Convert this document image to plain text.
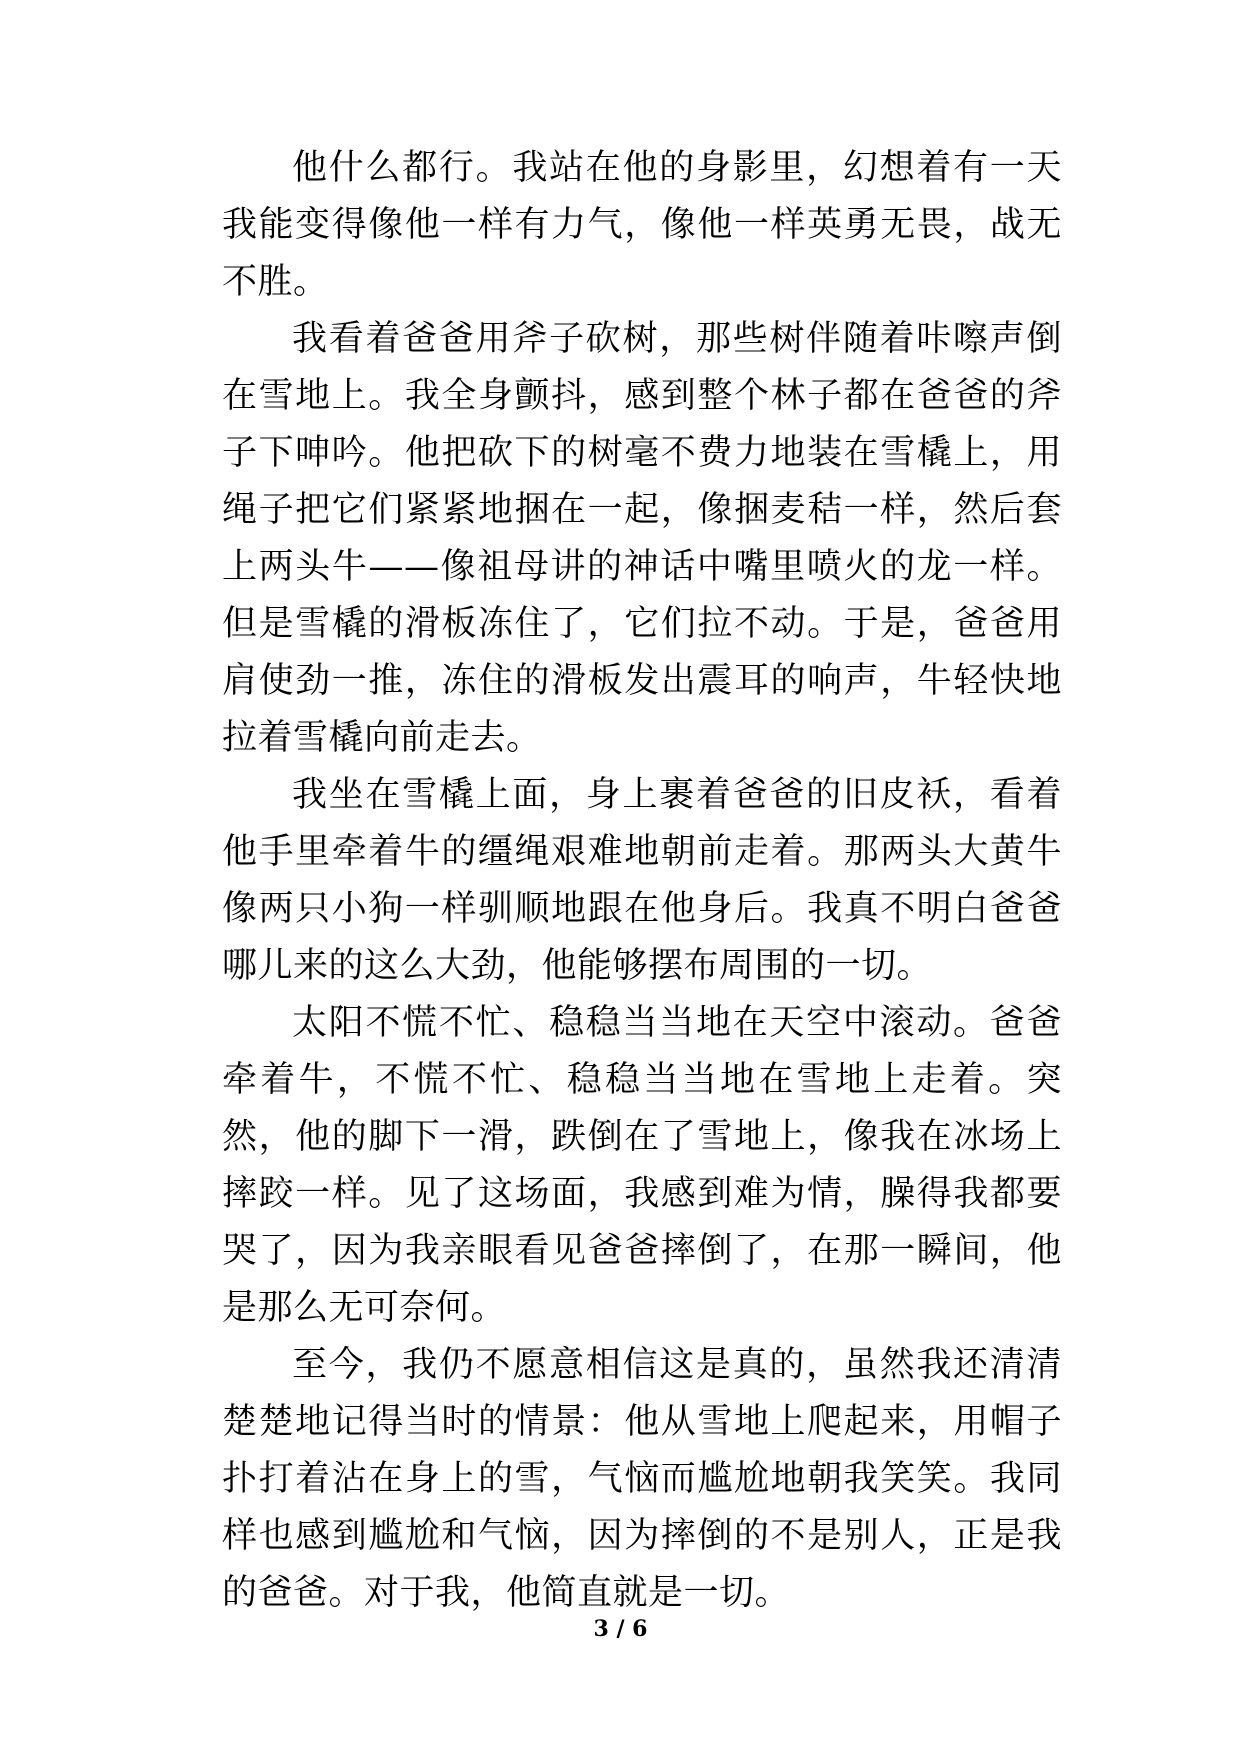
他什么都行。我站在他的身影里，幻想着有一天我能变得像他一样有力气，像他一样英勇无畏，战无不胜。

我看着爸爸用斧子砍树，那些树伴随着咔嚓声倒在雪地上。我全身颤抖，感到整个林子都在爸爸的斧子下呻吟。他把砍下的树毫不费力地装在雪橇上，用绳子把它们紧紧地捆在一起，像捆麦秸一样，然后套上两头牛——像祖母讲的神话中嘴里喷火的龙一样。但是雪橇的滑板冻住了，它们拉不动。于是，爸爸用肩使劲一推，冻住的滑板发出震耳的响声，牛轻快地拉着雪橇向前走去。

我坐在雪橇上面，身上裹着爸爸的旧皮袄，看着他手里牵着牛的缰绳艰难地朝前走着。那两头大黄牛像两只小狗一样驯顺地跟在他身后。我真不明白爸爸哪儿来的这么大劲，他能够摆布周围的一切。

太阳不慌不忙、稳稳当当地在天空中滚动。爸爸牵着牛，不慌不忙、稳稳当当地在雪地上走着。突然，他的脚下一滑，跌倒在了雪地上，像我在冰场上摔跤一样。见了这场面，我感到难为情，臊得我都要哭了，因为我亲眼看见爸爸摔倒了，在那一瞬间，他是那么无可奈何。

至今，我仍不愿意相信这是真的，虽然我还清清楚楚地记得当时的情景：他从雪地上爬起来，用帽子扑打着沾在身上的雪，气恼而尴尬地朝我笑笑。我同样也感到尴尬和气恼，因为摔倒的不是别人，正是我的爸爸。对于我，他简直就是一切。

3 / 6
